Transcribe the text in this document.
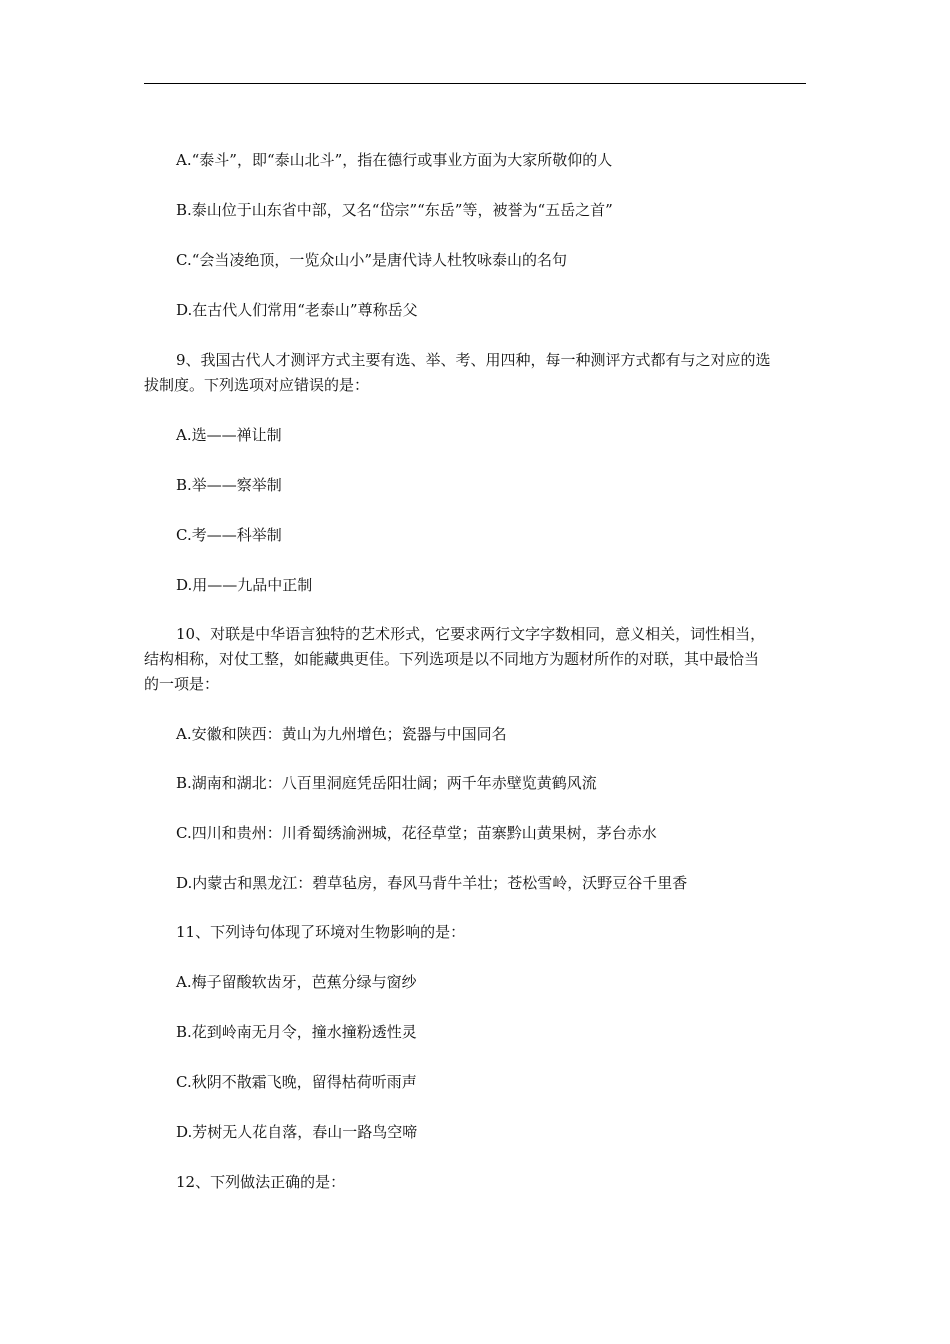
A.“泰斗”，即“泰山北斗”，指在德行或事业方面为大家所敬仰的人
B.泰山位于山东省中部，又名“岱宗”“东岳”等，被誉为“五岳之首”
C.“会当凌绝顶，一览众山小”是唐代诗人杜牧咏泰山的名句
D.在古代人们常用“老泰山”尊称岳父
9、我国古代人才测评方式主要有选、举、考、用四种，每一种测评方式都有与之对应的选
拔制度。下列选项对应错误的是：
A.选——禅让制
B.举——察举制
C.考——科举制
D.用——九品中正制
10、对联是中华语言独特的艺术形式，它要求两行文字字数相同，意义相关，词性相当，
结构相称，对仗工整，如能藏典更佳。下列选项是以不同地方为题材所作的对联，其中最恰当
的一项是：
A.安徽和陕西：黄山为九州增色；瓷器与中国同名
B.湖南和湖北：八百里洞庭凭岳阳壮阔；两千年赤壁览黄鹤风流
C.四川和贵州：川肴蜀绣渝洲城，花径草堂；苗寨黔山黄果树，茅台赤水
D.内蒙古和黑龙江：碧草毡房，春风马背牛羊壮；苍松雪岭，沃野豆谷千里香
11、下列诗句体现了环境对生物影响的是：
A.梅子留酸软齿牙，芭蕉分绿与窗纱
B.花到岭南无月令，撞水撞粉透性灵
C.秋阴不散霜飞晚，留得枯荷听雨声
D.芳树无人花自落，春山一路鸟空啼
12、下列做法正确的是：
